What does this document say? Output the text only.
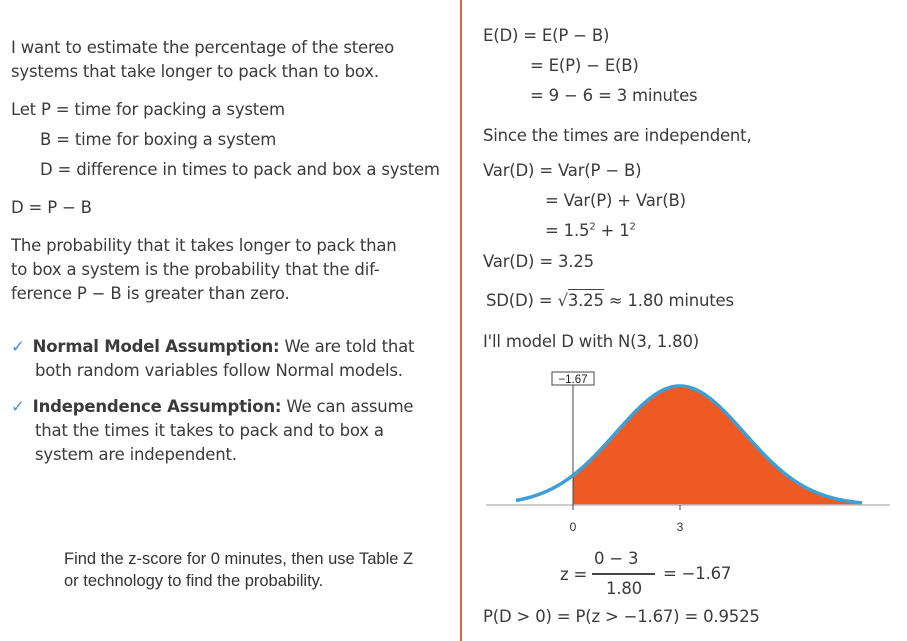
I want to estimate the percentage of the stereo
systems that take longer to pack than to box.
Let P = time for packing a system
B = time for boxing a system
D = difference in times to pack and box a system
D = P − B
The probability that it takes longer to pack than
to box a system is the probability that the dif-
ference P − B is greater than zero.
✓ Normal Model Assumption: We are told that
both random variables follow Normal models.
✓ Independence Assumption: We can assume
that the times it takes to pack and to box a
system are independent.
Find the z-score for 0 minutes, then use Table Z
or technology to find the probability.
E(D) = E(P − B)
= E(P) − E(B)
= 9 − 6 = 3 minutes
Since the times are independent,
Var(D) = Var(P − B)
= Var(P) + Var(B)
= $1.5^2 + 1^2$
Var(D) = 3.25
SD(D) = √3.25 ≈ 1.80 minutes
I'll model D with N(3, 1.80)
−1.67
0	3
z =
0 − 3
1.80
= −1.67
P(D > 0) = P(z > −1.67) = 0.9525
